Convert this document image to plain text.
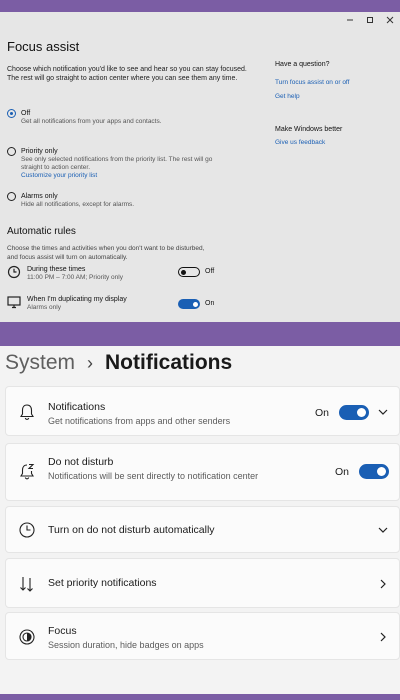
Focus assist
Choose which notification you'd like to see and hear so you can stay focused. The rest will go straight to action center where you can see them any time.
Off
Get all notifications from your apps and contacts.
Priority only
See only selected notifications from the priority list. The rest will go straight to action center.
Customize your priority list
Alarms only
Hide all notifications, except for alarms.
Automatic rules
Choose the times and activities when you don't want to be disturbed, and focus assist will turn on automatically.
During these times
11:00 PM – 7:00 AM; Priority only
Off
When I'm duplicating my display
Alarms only
On
Have a question?
Turn focus assist on or off
Get help
Make Windows better
Give us feedback
System › Notifications
Notifications
Get notifications from apps and other senders
On
Do not disturb
Notifications will be sent directly to notification center	On
Turn on do not disturb automatically
Set priority notifications
Focus
Session duration, hide badges on apps
